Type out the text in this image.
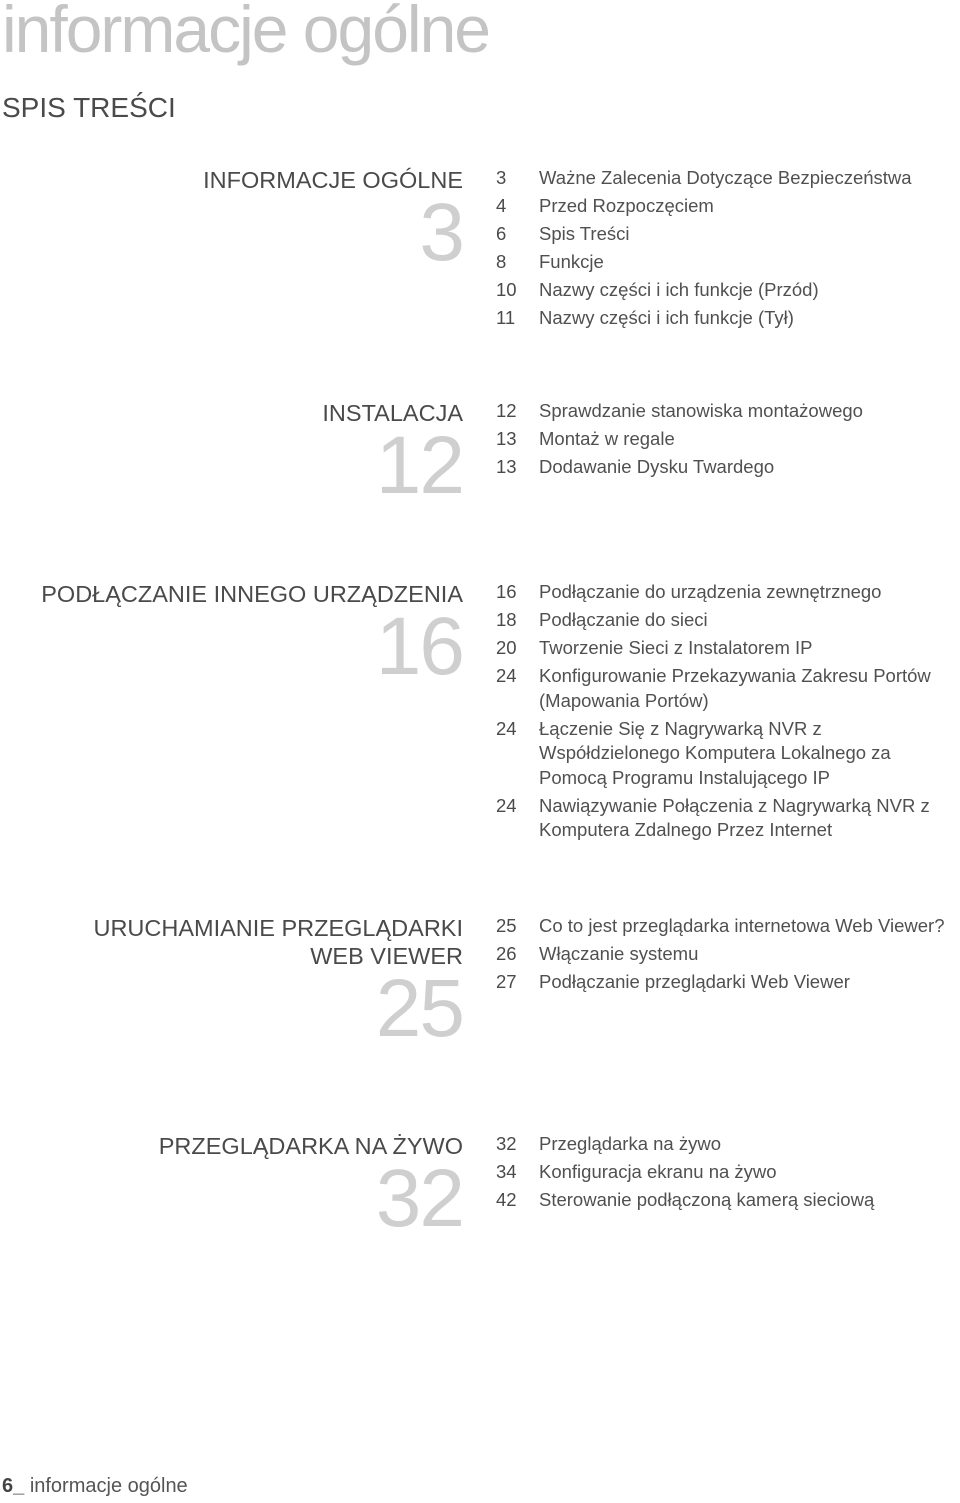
informacje ogólne
SPIS TREŚCI
INFORMACJE OGÓLNE
3
3	Ważne Zalecenia Dotyczące Bezpieczeństwa
4	Przed Rozpoczęciem
6	Spis Treści
8	Funkcje
10	Nazwy części i ich funkcje (Przód)
11	Nazwy części i ich funkcje (Tył)
INSTALACJA
12
12	Sprawdzanie stanowiska montażowego
13	Montaż w regale
13	Dodawanie Dysku Twardego
PODŁĄCZANIE INNEGO URZĄDZENIA
16
16	Podłączanie do urządzenia zewnętrznego
18	Podłączanie do sieci
20	Tworzenie Sieci z Instalatorem IP
24	Konfigurowanie Przekazywania Zakresu Portów (Mapowania Portów)
24	Łączenie Się z Nagrywarką NVR z Współdzielonego Komputera Lokalnego za Pomocą Programu Instalującego IP
24	Nawiązywanie Połączenia z Nagrywarką NVR z Komputera Zdalnego Przez Internet
URUCHAMIANIE PRZEGLĄDARKI
WEB VIEWER
25
25	Co to jest przeglądarka internetowa Web Viewer?
26	Włączanie systemu
27	Podłączanie przeglądarki Web Viewer
PRZEGLĄDARKA NA ŻYWO
32
32	Przeglądarka na żywo
34	Konfiguracja ekranu na żywo
42	Sterowanie podłączoną kamerą sieciową
6_ informacje ogólne
